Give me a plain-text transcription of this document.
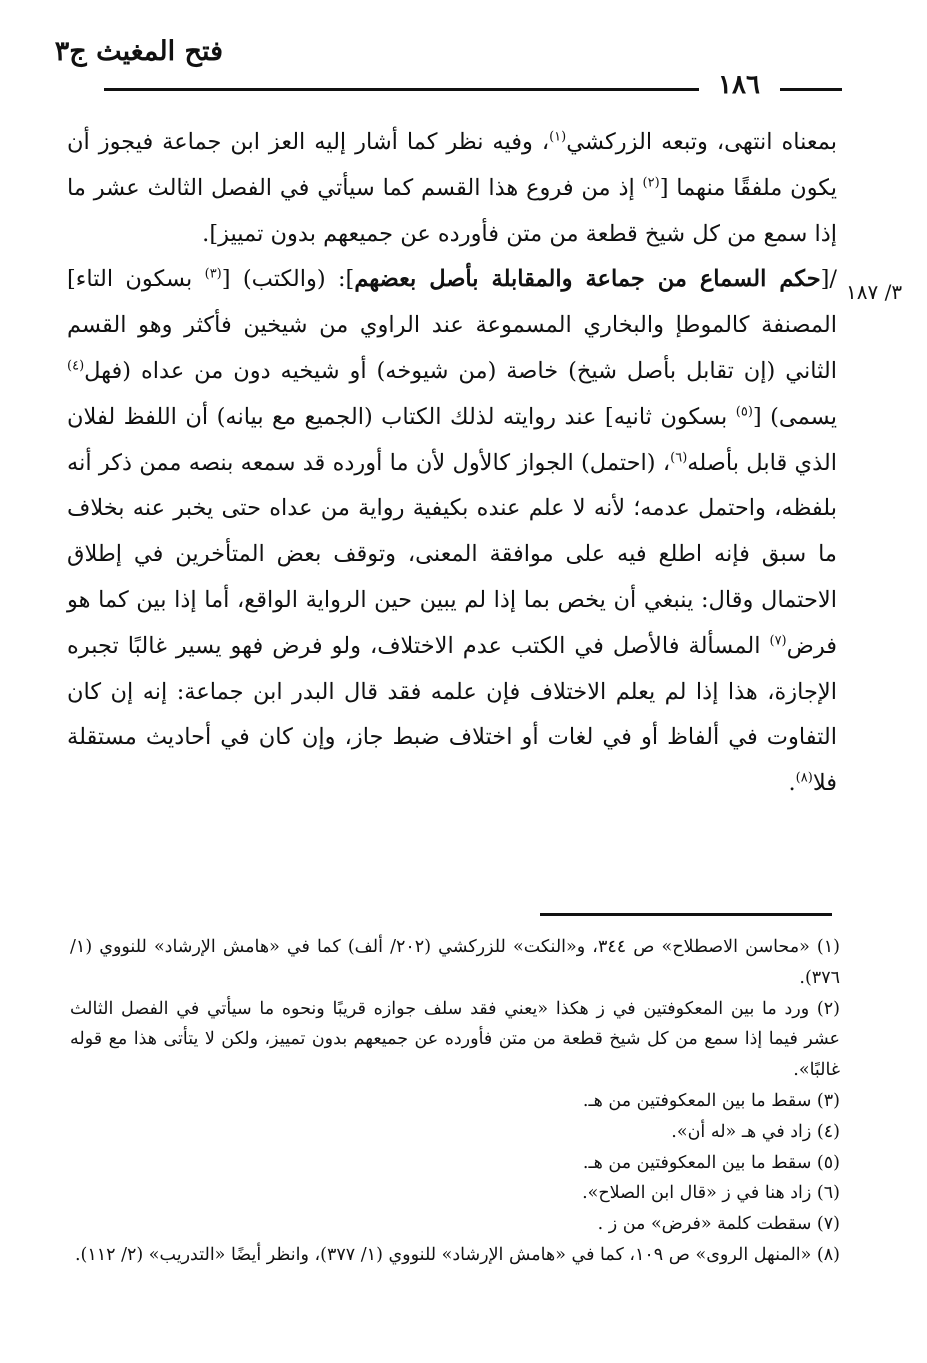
فتح المغيث ج٣
١٨٦
٣/ ١٨٧

بمعناه انتهى، وتبعه الزركشي$^{(١)}$، وفيه نظر كما أشار إليه العز ابن جماعة فيجوز أن يكون ملفقًا منهما [$^{(٢)}$ إذ من فروع هذا القسم كما سيأتي في الفصل الثالث عشر ما إذا سمع من كل شيخ قطعة من متن فأورده عن جميعهم بدون تمييز].

/[حكم السماع من جماعة والمقابلة بأصل بعضهم]: (والكتب) [$^{(٣)}$ بسكون التاء] المصنفة كالموطإ والبخاري المسموعة عند الراوي من شيخين فأكثر وهو القسم الثاني (إن تقابل بأصل شيخ) خاصة (من شيوخه) أو شيخيه دون من عداه (فهل$^{(٤)}$ يسمى) [$^{(٥)}$ بسكون ثانيه] عند روايته لذلك الكتاب (الجميع مع بيانه) أن اللفظ لفلان الذي قابل بأصله$^{(٦)}$، (احتمل) الجواز كالأول لأن ما أورده قد سمعه بنصه ممن ذكر أنه بلفظه، واحتمل عدمه؛ لأنه لا علم عنده بكيفية رواية من عداه حتى يخبر عنه بخلاف ما سبق فإنه اطلع فيه على موافقة المعنى، وتوقف بعض المتأخرين في إطلاق الاحتمال وقال: ينبغي أن يخص بما إذا لم يبين حين الرواية الواقع، أما إذا بين كما هو فرض$^{(٧)}$ المسألة فالأصل في الكتب عدم الاختلاف، ولو فرض فهو يسير غالبًا تجبره الإجازة، هذا إذا لم يعلم الاختلاف فإن علمه فقد قال البدر ابن جماعة: إنه إن كان التفاوت في ألفاظ أو في لغات أو اختلاف ضبط جاز، وإن كان في أحاديث مستقلة فلا$^{(٨)}$.

(١) «محاسن الاصطلاح» ص ٣٤٤، و«النكت» للزركشي (٢٠٢/ ألف) كما في «هامش الإرشاد» للنووي (١/ ٣٧٦).

(٢) ورد ما بين المعكوفتين في ز هكذا «يعني فقد سلف جوازه قريبًا ونحوه ما سيأتي في الفصل الثالث عشر فيما إذا سمع من كل شيخ قطعة من متن فأورده عن جميعهم بدون تمييز، ولكن لا يتأتى هذا مع قوله غالبًا».

(٣) سقط ما بين المعكوفتين من هـ.

(٤) زاد في هـ «له أن».

(٥) سقط ما بين المعكوفتين من هـ.

(٦) زاد هنا في ز «قال ابن الصلاح».

(٧) سقطت كلمة «فرض» من ز .

(٨) «المنهل الروى» ص ١٠٩، كما في «هامش الإرشاد» للنووي (١/ ٣٧٧)، وانظر أيضًا «التدريب» (٢/ ١١٢).
